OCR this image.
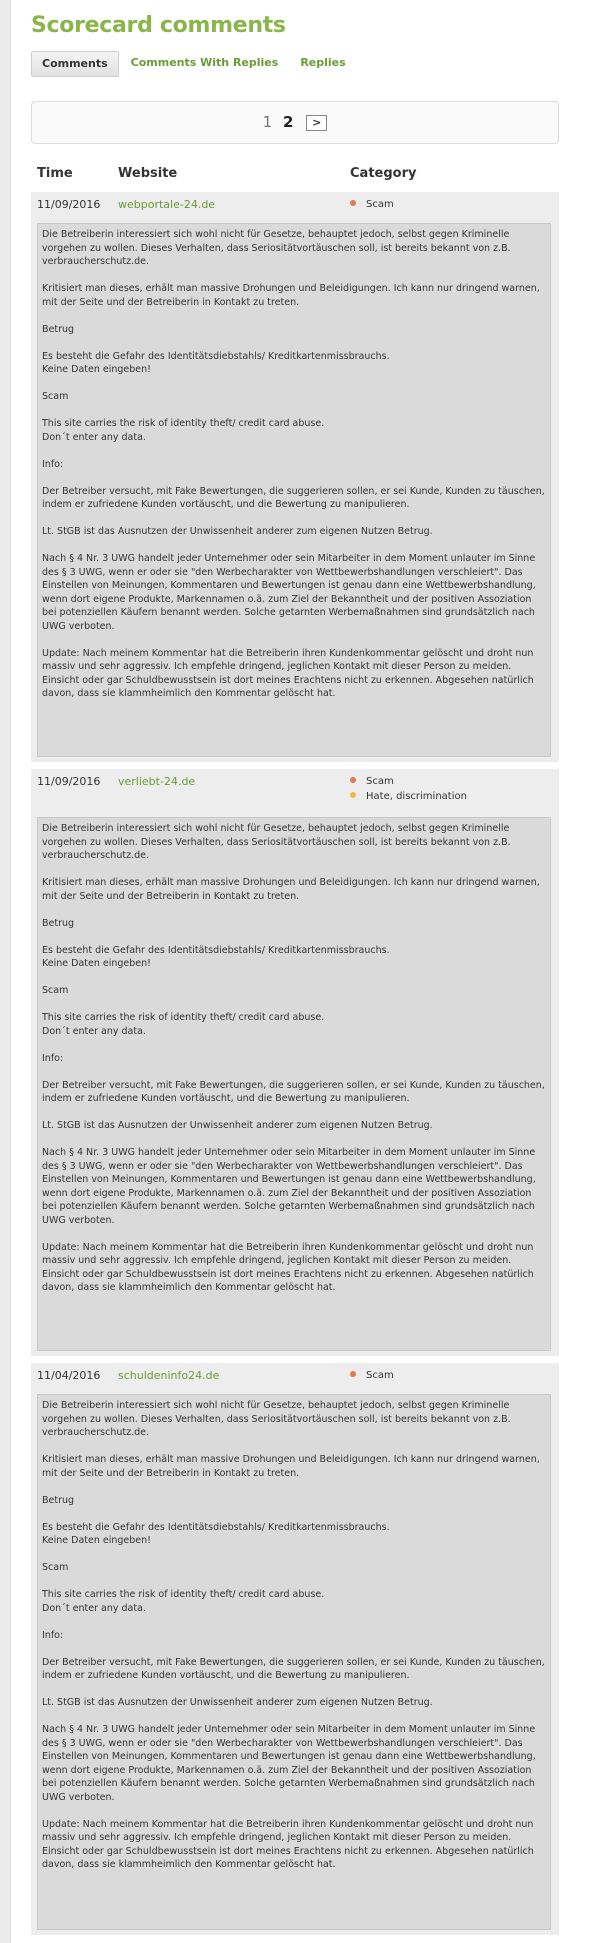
Scorecard comments
Comments	Comments With Replies	Replies
1 2 >
Time	Website	Category
11/09/2016 webportale-24.de	Scam
Die Betreiberin interessiert sich wohl nicht für Gesetze, behauptet jedoch, selbst gegen Kriminelle vorgehen zu wollen. Dieses Verhalten, dass Seriositätvortäuschen soll, ist bereits bekannt von z.B. verbraucherschutz.de.

Kritisiert man dieses, erhält man massive Drohungen und Beleidigungen. Ich kann nur dringend warnen, mit der Seite und der Betreiberin in Kontakt zu treten.

Betrug

Es besteht die Gefahr des Identitätsdiebstahls/ Kreditkartenmissbrauchs.
Keine Daten eingeben!

Scam

This site carries the risk of identity theft/ credit card abuse.
Don´t enter any data.

Info:

Der Betreiber versucht, mit Fake Bewertungen, die suggerieren sollen, er sei Kunde, Kunden zu täuschen, indem er zufriedene Kunden vortäuscht, und die Bewertung zu manipulieren.

Lt. StGB ist das Ausnutzen der Unwissenheit anderer zum eigenen Nutzen Betrug.

Nach § 4 Nr. 3 UWG handelt jeder Unternehmer oder sein Mitarbeiter in dem Moment unlauter im Sinne des § 3 UWG, wenn er oder sie "den Werbecharakter von Wettbewerbshandlungen verschleiert". Das Einstellen von Meinungen, Kommentaren und Bewertungen ist genau dann eine Wettbewerbshandlung, wenn dort eigene Produkte, Markennamen o.ä. zum Ziel der Bekanntheit und der positiven Assoziation bei potenziellen Käufern benannt werden. Solche getarnten Werbemaßnahmen sind grundsätzlich nach UWG verboten.

Update: Nach meinem Kommentar hat die Betreiberin ihren Kundenkommentar gelöscht und droht nun massiv und sehr aggressiv. Ich empfehle dringend, jeglichen Kontakt mit dieser Person zu meiden. Einsicht oder gar Schuldbewusstsein ist dort meines Erachtens nicht zu erkennen. Abgesehen natürlich davon, dass sie klammheimlich den Kommentar gelöscht hat.
11/09/2016 verliebt-24.de	Scam
Hate, discrimination
Die Betreiberin interessiert sich wohl nicht für Gesetze, behauptet jedoch, selbst gegen Kriminelle vorgehen zu wollen. Dieses Verhalten, dass Seriositätvortäuschen soll, ist bereits bekannt von z.B. verbraucherschutz.de.

Kritisiert man dieses, erhält man massive Drohungen und Beleidigungen. Ich kann nur dringend warnen, mit der Seite und der Betreiberin in Kontakt zu treten.

Betrug

Es besteht die Gefahr des Identitätsdiebstahls/ Kreditkartenmissbrauchs.
Keine Daten eingeben!

Scam

This site carries the risk of identity theft/ credit card abuse.
Don´t enter any data.

Info:

Der Betreiber versucht, mit Fake Bewertungen, die suggerieren sollen, er sei Kunde, Kunden zu täuschen, indem er zufriedene Kunden vortäuscht, und die Bewertung zu manipulieren.

Lt. StGB ist das Ausnutzen der Unwissenheit anderer zum eigenen Nutzen Betrug.

Nach § 4 Nr. 3 UWG handelt jeder Unternehmer oder sein Mitarbeiter in dem Moment unlauter im Sinne des § 3 UWG, wenn er oder sie "den Werbecharakter von Wettbewerbshandlungen verschleiert". Das Einstellen von Meinungen, Kommentaren und Bewertungen ist genau dann eine Wettbewerbshandlung, wenn dort eigene Produkte, Markennamen o.ä. zum Ziel der Bekanntheit und der positiven Assoziation bei potenziellen Käufern benannt werden. Solche getarnten Werbemaßnahmen sind grundsätzlich nach UWG verboten.

Update: Nach meinem Kommentar hat die Betreiberin ihren Kundenkommentar gelöscht und droht nun massiv und sehr aggressiv. Ich empfehle dringend, jeglichen Kontakt mit dieser Person zu meiden. Einsicht oder gar Schuldbewusstsein ist dort meines Erachtens nicht zu erkennen. Abgesehen natürlich davon, dass sie klammheimlich den Kommentar gelöscht hat.
11/04/2016 schuldeninfo24.de	Scam
Die Betreiberin interessiert sich wohl nicht für Gesetze, behauptet jedoch, selbst gegen Kriminelle vorgehen zu wollen. Dieses Verhalten, dass Seriositätvortäuschen soll, ist bereits bekannt von z.B. verbraucherschutz.de.

Kritisiert man dieses, erhält man massive Drohungen und Beleidigungen. Ich kann nur dringend warnen, mit der Seite und der Betreiberin in Kontakt zu treten.

Betrug

Es besteht die Gefahr des Identitätsdiebstahls/ Kreditkartenmissbrauchs.
Keine Daten eingeben!

Scam

This site carries the risk of identity theft/ credit card abuse.
Don´t enter any data.

Info:

Der Betreiber versucht, mit Fake Bewertungen, die suggerieren sollen, er sei Kunde, Kunden zu täuschen, indem er zufriedene Kunden vortäuscht, und die Bewertung zu manipulieren.

Lt. StGB ist das Ausnutzen der Unwissenheit anderer zum eigenen Nutzen Betrug.

Nach § 4 Nr. 3 UWG handelt jeder Unternehmer oder sein Mitarbeiter in dem Moment unlauter im Sinne des § 3 UWG, wenn er oder sie "den Werbecharakter von Wettbewerbshandlungen verschleiert". Das Einstellen von Meinungen, Kommentaren und Bewertungen ist genau dann eine Wettbewerbshandlung, wenn dort eigene Produkte, Markennamen o.ä. zum Ziel der Bekanntheit und der positiven Assoziation bei potenziellen Käufern benannt werden. Solche getarnten Werbemaßnahmen sind grundsätzlich nach UWG verboten.

Update: Nach meinem Kommentar hat die Betreiberin ihren Kundenkommentar gelöscht und droht nun massiv und sehr aggressiv. Ich empfehle dringend, jeglichen Kontakt mit dieser Person zu meiden. Einsicht oder gar Schuldbewusstsein ist dort meines Erachtens nicht zu erkennen. Abgesehen natürlich davon, dass sie klammheimlich den Kommentar gelöscht hat.
